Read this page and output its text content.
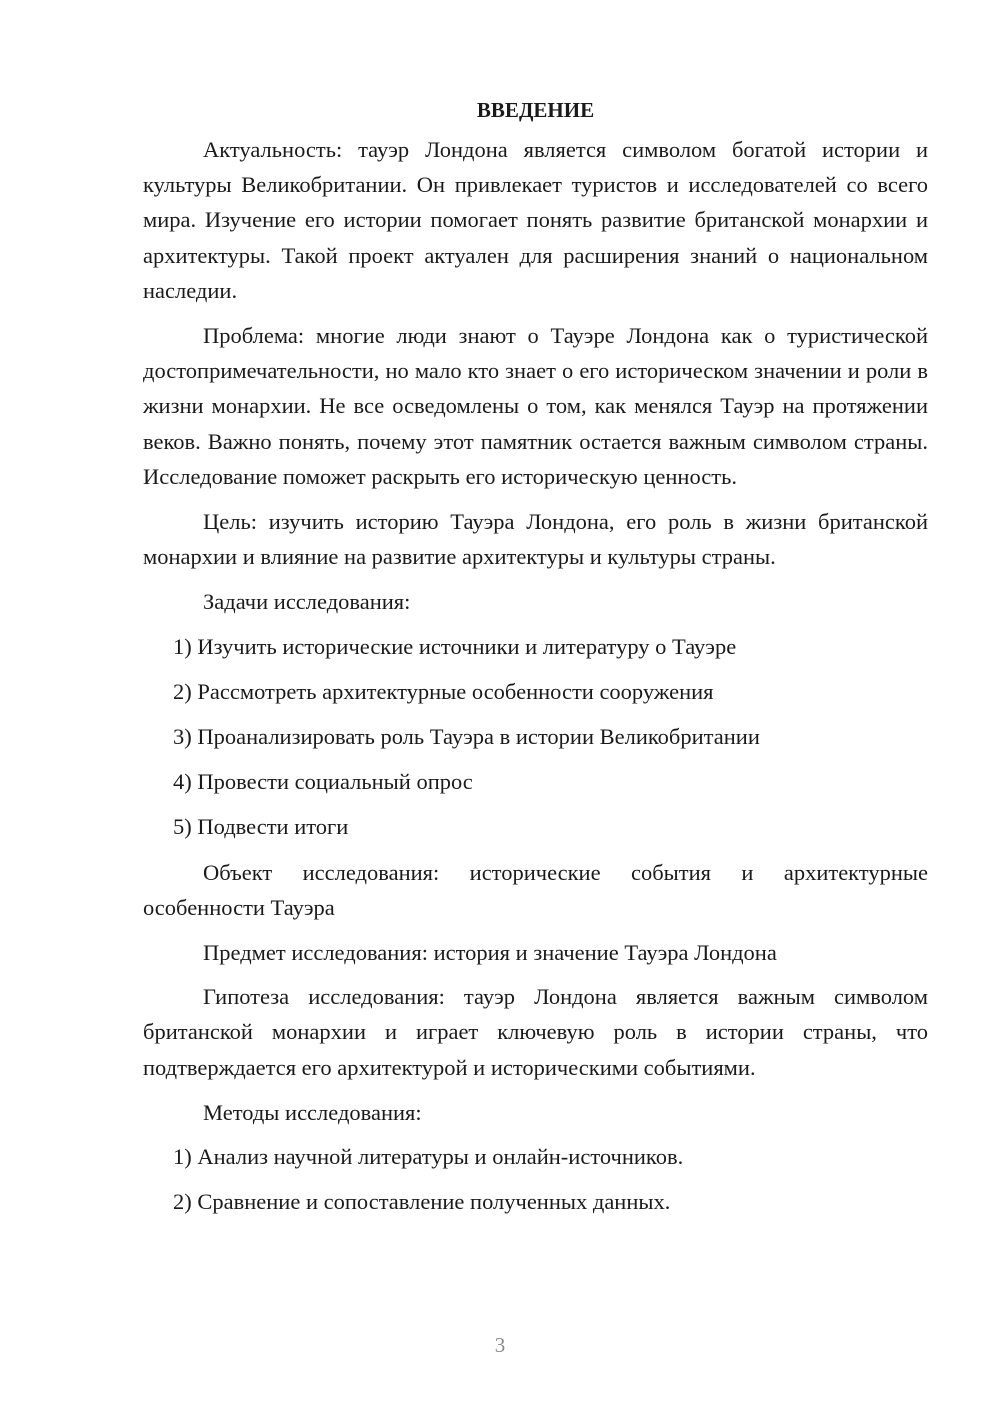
ВВЕДЕНИЕ

Актуальность: тауэр Лондона является символом богатой истории и культуры Великобритании. Он привлекает туристов и исследователей со всего мира. Изучение его истории помогает понять развитие британской монархии и архитектуры. Такой проект актуален для расширения знаний о национальном наследии.

Проблема: многие люди знают о Тауэре Лондона как о туристической достопримечательности, но мало кто знает о его историческом значении и роли в жизни монархии. Не все осведомлены о том, как менялся Тауэр на протяжении веков. Важно понять, почему этот памятник остается важным символом страны. Исследование поможет раскрыть его историческую ценность.

Цель: изучить историю Тауэра Лондона, его роль в жизни британской монархии и влияние на развитие архитектуры и культуры страны.

Задачи исследования:

1) Изучить исторические источники и литературу о Тауэре
2) Рассмотреть архитектурные особенности сооружения
3) Проанализировать роль Тауэра в истории Великобритании
4) Провести социальный опрос
5) Подвести итоги

Объект исследования: исторические события и архитектурные особенности Тауэра

Предмет исследования: история и значение Тауэра Лондона

Гипотеза исследования: тауэр Лондона является важным символом британской монархии и играет ключевую роль в истории страны, что подтверждается его архитектурой и историческими событиями.

Методы исследования:

1) Анализ научной литературы и онлайн-источников.
2) Сравнение и сопоставление полученных данных.
3
